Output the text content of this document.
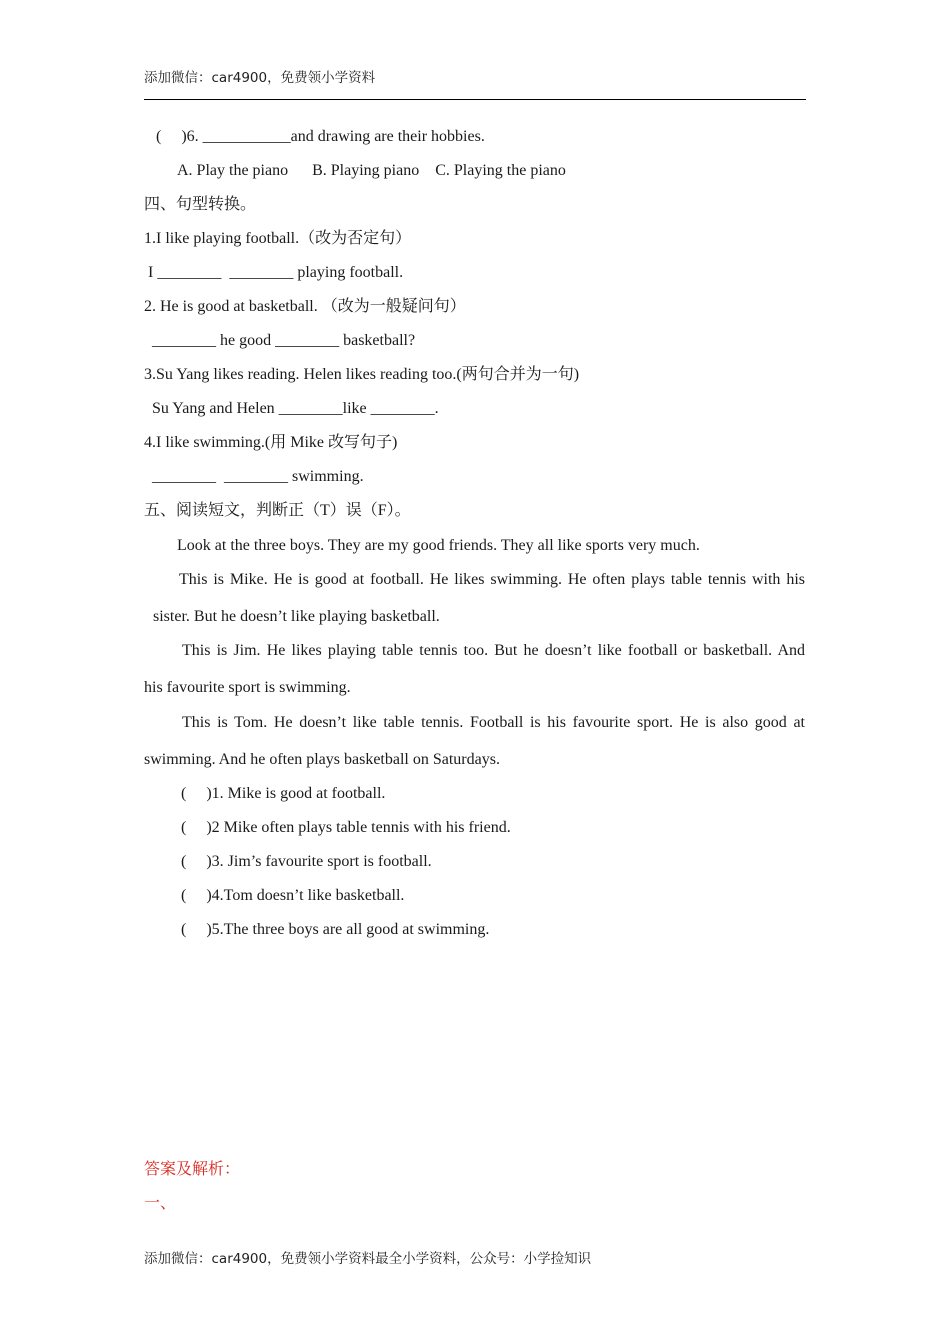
添加微信：car4900，免费领小学资料
(     )6. ___________and drawing are their hobbies.
A. Play the piano      B. Playing piano    C. Playing the piano
四、句型转换。
1.I like playing football.（改为否定句）
I ________  ________ playing football.
2. He is good at basketball. （改为一般疑问句）
________ he good ________ basketball?
3.Su Yang likes reading. Helen likes reading too.(两句合并为一句)
Su Yang and Helen ________like ________.
4.I like swimming.(用 Mike 改写句子)
________  ________ swimming.
五、阅读短文，判断正（T）误（F）。
Look at the three boys. They are my good friends. They all like sports very much.
This is Mike. He is good at football. He likes swimming. He often plays table tennis with his
sister. But he doesn’t like playing basketball.
This is Jim. He likes playing table tennis too. But he doesn’t like football or basketball. And
his favourite sport is swimming.
This is Tom. He doesn’t like table tennis. Football is his favourite sport. He is also good at
swimming. And he often plays basketball on Saturdays.
(     )1. Mike is good at football.
(     )2 Mike often plays table tennis with his friend.
(     )3. Jim’s favourite sport is football.
(     )4.Tom doesn’t like basketball.
(     )5.The three boys are all good at swimming.
答案及解析：
一、
添加微信：car4900，免费领小学资料最全小学资料，公众号：小学捡知识
